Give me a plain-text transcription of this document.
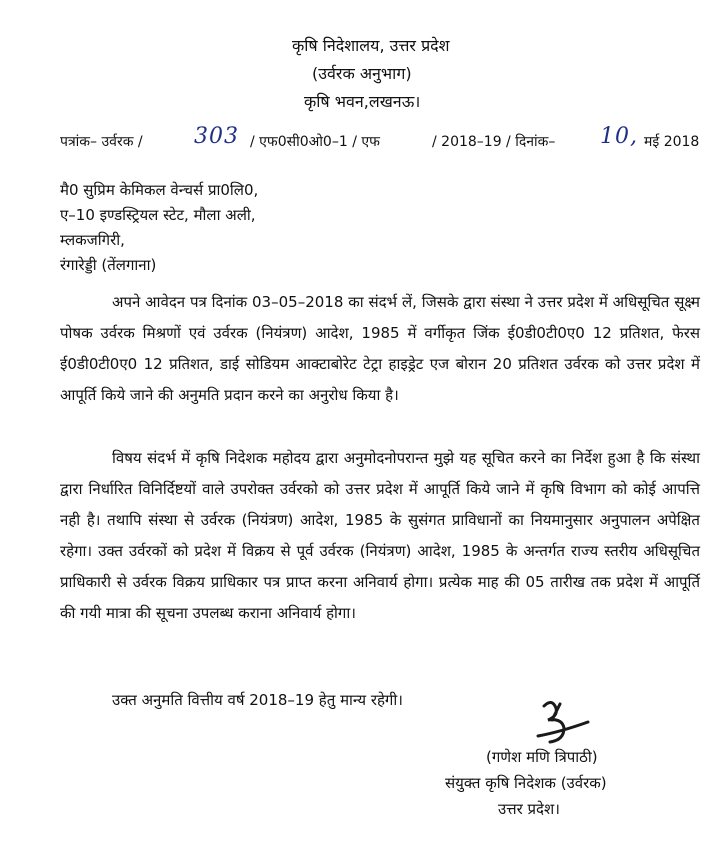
कृषि निदेशालय, उत्तर प्रदेश
(उर्वरक अनुभाग)
कृषि भवन,लखनऊ।
पत्रांक– उर्वरक / 303 / एफ0सी0ओ0–1 / एफ	/ 2018–19 / दिनांक– 10, मई 2018
मै0 सुप्रिम केमिकल वेन्चर्स प्रा0लि0,
ए–10 इण्डस्ट्रियल स्टेट, मौला अली,
म्लकजगिरी,
रंगारेड्डी (तेंलगाना)
अपने आवेदन पत्र दिनांक 03–05–2018 का संदर्भ लें, जिसके द्वारा संस्था ने उत्तर प्रदेश में अधिसूचित सूक्ष्म पोषक उर्वरक मिश्रणों एवं उर्वरक (नियंत्रण) आदेश, 1985 में वर्गीकृत जिंक ई0डी0टी0ए0 12 प्रतिशत, फेरस ई0डी0टी0ए0 12 प्रतिशत, डाई सोडियम आक्टाबोरेट टेट्रा हाइड्रेट एज बोरान 20 प्रतिशत उर्वरक को उत्तर प्रदेश में आपूर्ति किये जाने की अनुमति प्रदान करने का अनुरोध किया है।
विषय संदर्भ में कृषि निदेशक महोदय द्वारा अनुमोदनोपरान्त मुझे यह सूचित करने का निर्देश हुआ है कि संस्था द्वारा निर्धारित विनिर्दिष्टयों वाले उपरोक्त उर्वरको को उत्तर प्रदेश में आपूर्ति किये जाने में कृषि विभाग को कोई आपत्ति नही है। तथापि संस्था से उर्वरक (नियंत्रण) आदेश, 1985 के सुसंगत प्राविधानों का नियमानुसार अनुपालन अपेक्षित रहेगा। उक्त उर्वरकों को प्रदेश में विक्रय से पूर्व उर्वरक (नियंत्रण) आदेश, 1985 के अन्तर्गत राज्य स्तरीय अधिसूचित प्राधिकारी से उर्वरक विक्रय प्राधिकार पत्र प्राप्त करना अनिवार्य होगा। प्रत्येक माह की 05 तारीख तक प्रदेश में आपूर्ति की गयी मात्रा की सूचना उपलब्ध कराना अनिवार्य होगा।
उक्त अनुमति वित्तीय वर्ष 2018–19 हेतु मान्य रहेगी।
(गणेश मणि त्रिपाठी)
संयुक्त कृषि निदेशक (उर्वरक)
उत्तर प्रदेश।
